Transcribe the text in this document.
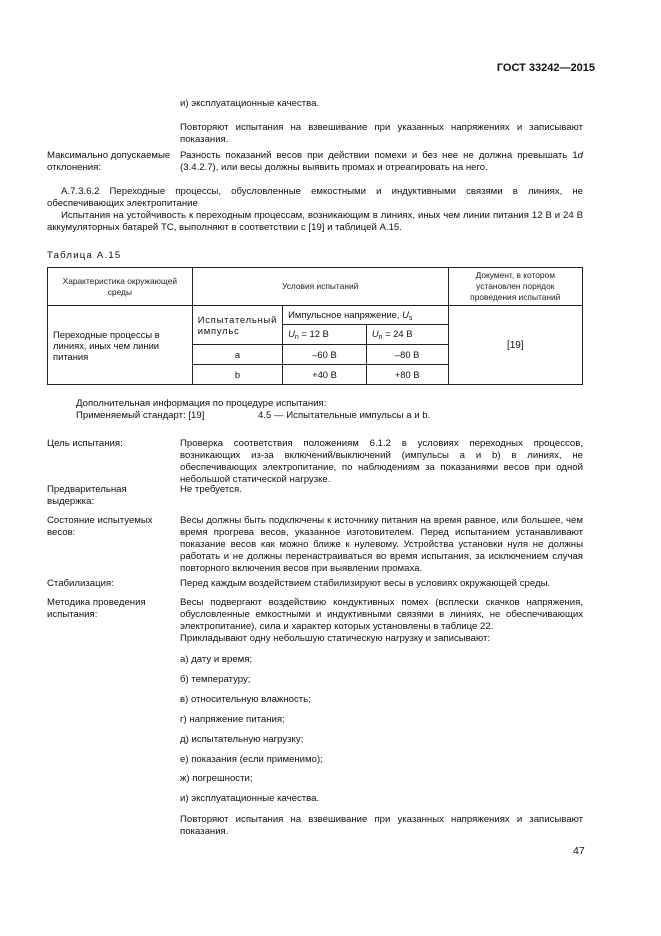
ГОСТ 33242—2015
и) эксплуатационные качества.
Повторяют испытания на взвешивание при указанных напряжениях и записывают показания.
Максимально допускаемые отклонения:
Разность показаний весов при действии помехи и без нее не должна превышать 1d (3.4.2.7), или весы должны выявить промах и отреагировать на него.
А.7.3.6.2 Переходные процессы, обусловленные емкостными и индуктивными связями в линиях, не обеспечивающих электропитание
Испытания на устойчивость к переходным процессам, возникающим в линиях, иных чем линии питания 12 В и 24 В аккумуляторных батарей ТС, выполняют в соответствии с [19] и таблицей А.15.
Таблица А.15
Характеристика окружающей среды	Условия испытаний			Документ, в котором установлен порядок проведения испытаний
Переходные процессы в линиях, иных чем линии питания	Испытательный импульс	Импульсное напряжение, $U_s$		[19]
		$U_n = 12$ В	$U_n = 24$ В	
	a	–60 В	–80 В	
	b	+40 В	+80 В	
Дополнительная информация по процедуре испытания:
Применяемый стандарт: [19]	4.5 — Испытательные импульсы a и b.
Цель испытания:	Проверка соответствия положениям 6.1.2 в условиях переходных процессов, возникающих из-за включений/выключений (импульсы a и b) в линиях, не обеспечивающих электропитание, по наблюдениям за показаниями весов при одной небольшой статической нагрузке.
Предварительная выдержка:
Не требуется.
Состояние испытуемых весов:
Весы должны быть подключены к источнику питания на время равное, или большее, чем время прогрева весов, указанное изготовителем. Перед испытанием устанавливают показание весов как можно ближе к нулевому. Устройства установки нуля не должны работать и не должны перенастраиваться во время испытания, за исключением случая повторного включения весов при выявлении промаха.
Стабилизация:	Перед каждым воздействием стабилизируют весы в условиях окружающей среды.
Методика проведения испытания:
Весы подвергают воздействию кондуктивных помех (всплески скачков напряжения, обусловленные емкостными и индуктивными связями в линиях, не обеспечивающих электропитание), сила и характер которых установлены в таблице 22.
Прикладывают одну небольшую статическую нагрузку и записывают:
а) дату и время;
б) температуру;
в) относительную влажность;
г) напряжение питания;
д) испытательную нагрузку;
е) показания (если применимо);
ж) погрешности;
и) эксплуатационные качества.
Повторяют испытания на взвешивание при указанных напряжениях и записывают показания.
47
